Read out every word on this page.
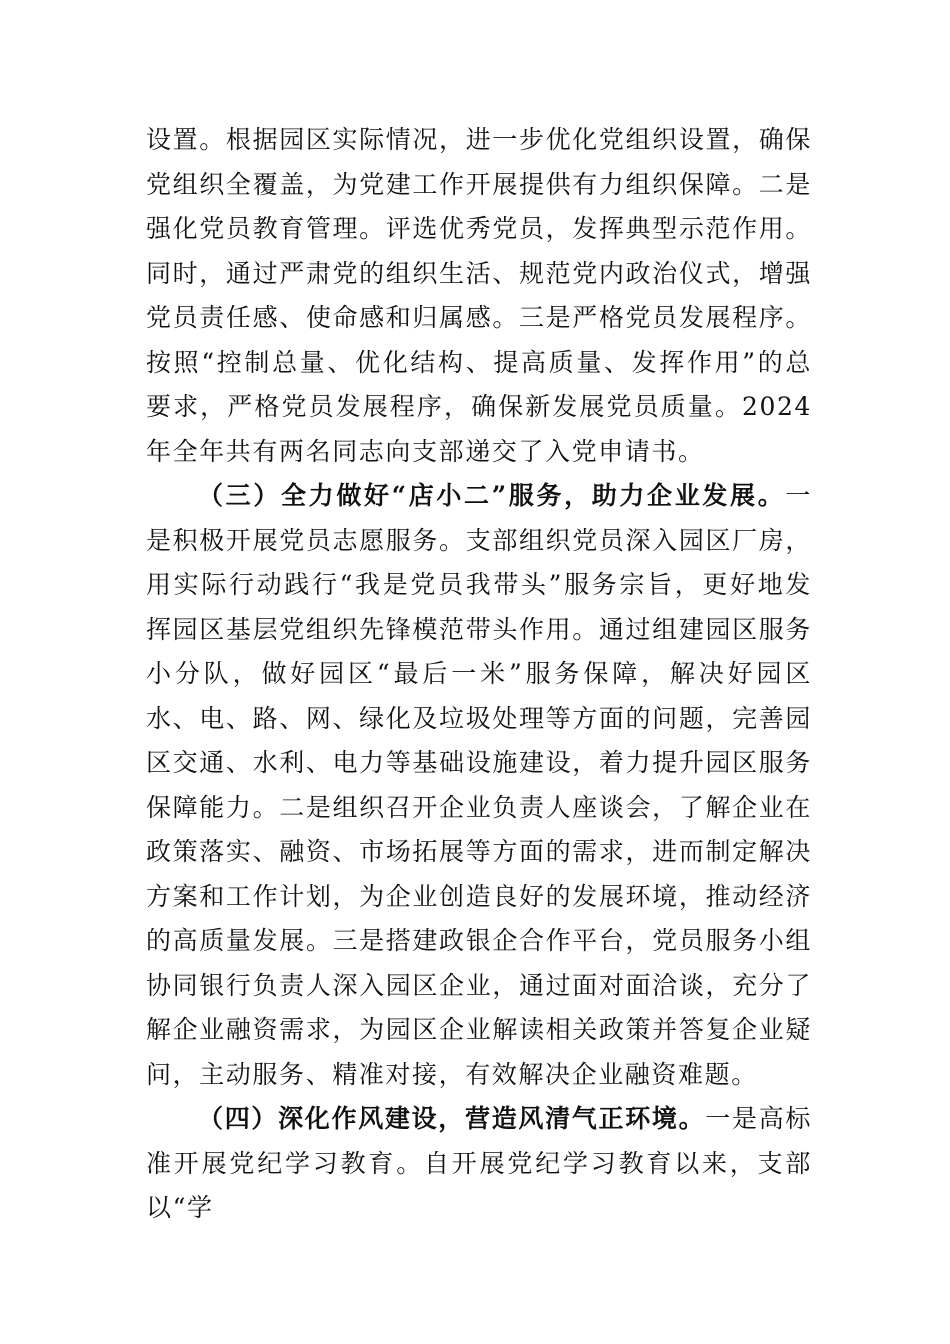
设置。根据园区实际情况，进一步优化党组织设置，确保党组织全覆盖，为党建工作开展提供有力组织保障。二是强化党员教育管理。评选优秀党员，发挥典型示范作用。同时，通过严肃党的组织生活、规范党内政治仪式，增强党员责任感、使命感和归属感。三是严格党员发展程序。按照“控制总量、优化结构、提高质量、发挥作用”的总要求，严格党员发展程序，确保新发展党员质量。2024年全年共有两名同志向支部递交了入党申请书。

（三）全力做好“店小二”服务，助力企业发展。一是积极开展党员志愿服务。支部组织党员深入园区厂房，用实际行动践行“我是党员我带头”服务宗旨，更好地发挥园区基层党组织先锋模范带头作用。通过组建园区服务小分队，做好园区“最后一米”服务保障，解决好园区水、电、路、网、绿化及垃圾处理等方面的问题，完善园区交通、水利、电力等基础设施建设，着力提升园区服务保障能力。二是组织召开企业负责人座谈会，了解企业在政策落实、融资、市场拓展等方面的需求，进而制定解决方案和工作计划，为企业创造良好的发展环境，推动经济的高质量发展。三是搭建政银企合作平台，党员服务小组协同银行负责人深入园区企业，通过面对面洽谈，充分了解企业融资需求，为园区企业解读相关政策并答复企业疑问，主动服务、精准对接，有效解决企业融资难题。

（四）深化作风建设，营造风清气正环境。一是高标准开展党纪学习教育。自开展党纪学习教育以来，支部以“学
